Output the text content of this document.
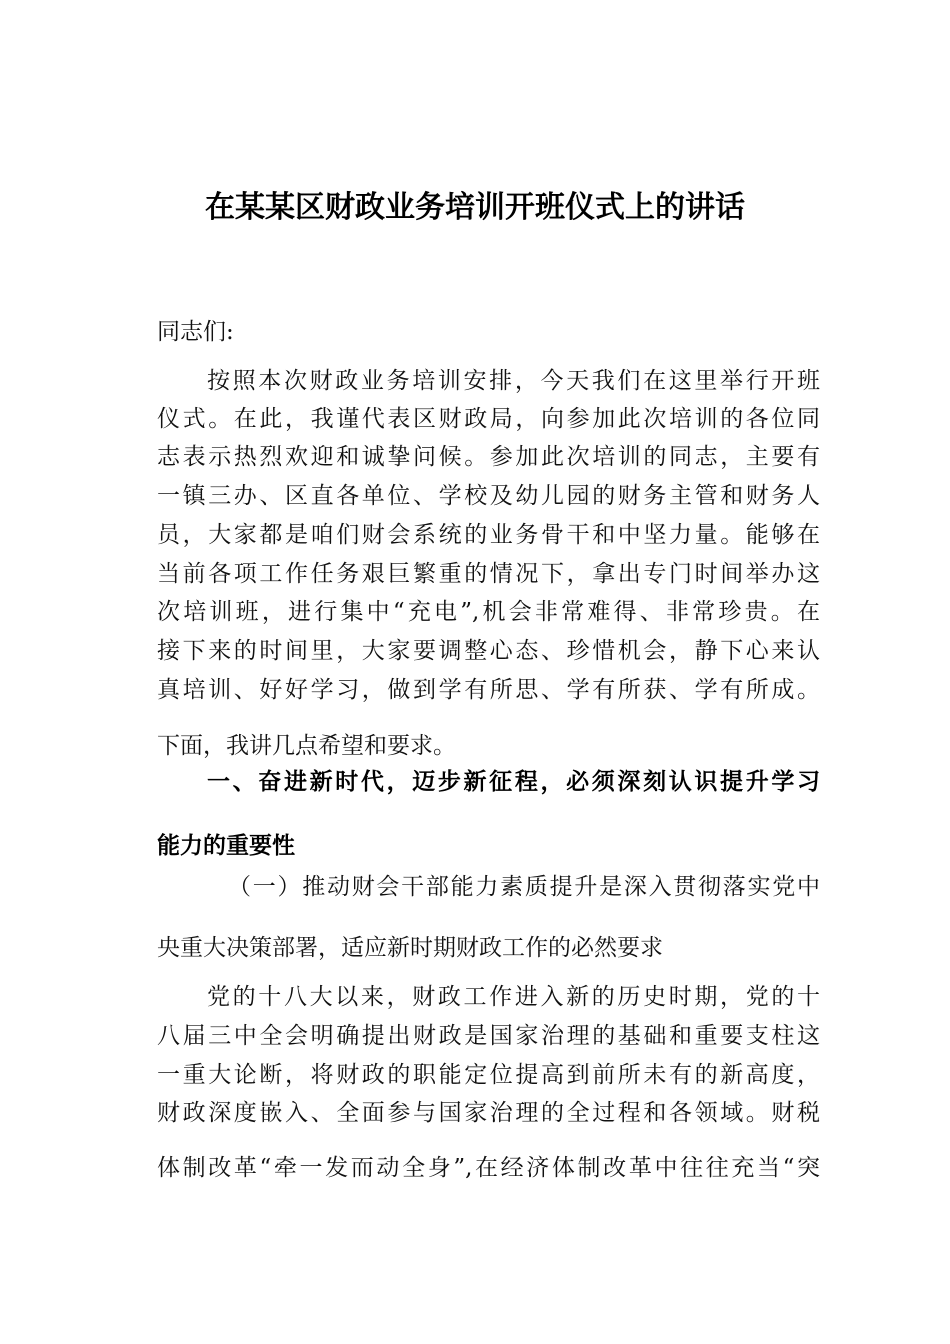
在某某区财政业务培训开班仪式上的讲话

同志们:

按照本次财政业务培训安排，今天我们在这里举行开班

仪式。在此，我谨代表区财政局，向参加此次培训的各位同

志表示热烈欢迎和诚挚问候。参加此次培训的同志，主要有

一镇三办、区直各单位、学校及幼儿园的财务主管和财务人

员，大家都是咱们财会系统的业务骨干和中坚力量。能够在

当前各项工作任务艰巨繁重的情况下，拿出专门时间举办这

次培训班，进行集中“充电”,机会非常难得、非常珍贵。在

接下来的时间里，大家要调整心态、珍惜机会，静下心来认

真培训、好好学习，做到学有所思、学有所获、学有所成。

下面，我讲几点希望和要求。

一、奋进新时代，迈步新征程，必须深刻认识提升学习

能力的重要性

（一）推动财会干部能力素质提升是深入贯彻落实党中

央重大决策部署，适应新时期财政工作的必然要求

党的十八大以来，财政工作进入新的历史时期，党的十

八届三中全会明确提出财政是国家治理的基础和重要支柱这

一重大论断，将财政的职能定位提高到前所未有的新高度，

财政深度嵌入、全面参与国家治理的全过程和各领域。财税

体制改革“牵一发而动全身”,在经济体制改革中往往充当“突
